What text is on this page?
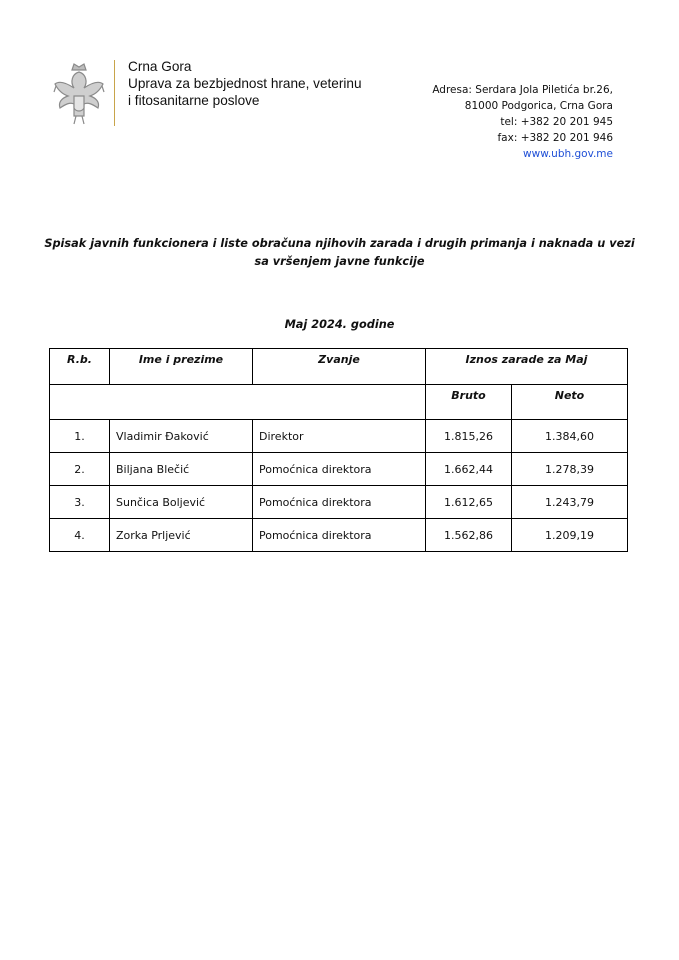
Crna Gora
Uprava za bezbjednost hrane, veterinu
i fitosanitarne poslove
Adresa: Serdara Jola Piletića br.26,
81000 Podgorica, Crna Gora
tel: +382 20 201 945
fax: +382 20 201 946
www.ubh.gov.me
Spisak javnih funkcionera i liste obračuna njihovih zarada i drugih primanja i naknada u vezi
sa vršenjem javne funkcije
Maj 2024. godine
R.b.	Ime i prezime	Zvanje	Iznos zarade za Maj	
			Bruto	Neto
1.	Vladimir Đaković	Direktor	1.815,26	1.384,60
2.	Biljana Blečić	Pomoćnica direktora	1.662,44	1.278,39
3.	Sunčica Boljević	Pomoćnica direktora	1.612,65	1.243,79
4.	Zorka Prljević	Pomoćnica direktora	1.562,86	1.209,19
